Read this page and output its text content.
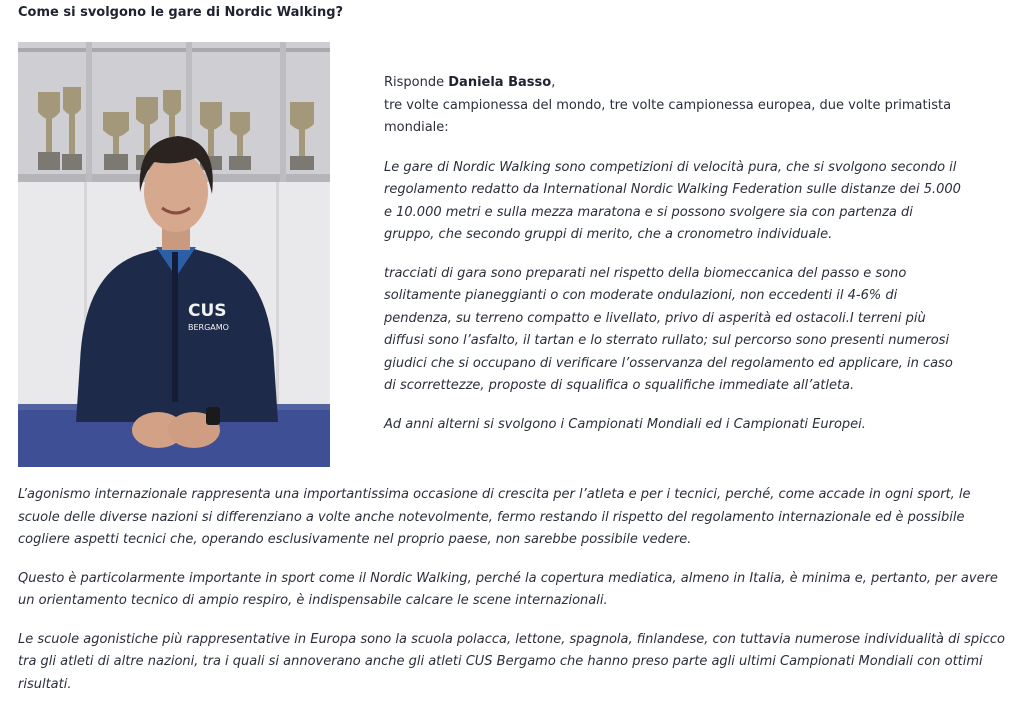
Come si svolgono le gare di Nordic Walking?
CUS
BERGAMO

Risponde Daniela Basso,
tre volte campionessa del mondo, tre volte campionessa europea, due volte primatista
mondiale:

Le gare di Nordic Walking sono competizioni di velocità pura, che si svolgono secondo il regolamento redatto da International Nordic Walking Federation sulle distanze dei 5.000 e 10.000 metri e sulla mezza maratona e si possono svolgere sia con partenza di gruppo, che secondo gruppi di merito, che a cronometro individuale.

tracciati di gara sono preparati nel rispetto della biomeccanica del passo e sono solitamente pianeggianti o con moderate ondulazioni, non eccedenti il 4-6% di pendenza, su terreno compatto e livellato, privo di asperità ed ostacoli.I terreni più diffusi sono l’asfalto, il tartan e lo sterrato rullato; sul percorso sono presenti numerosi giudici che si occupano di verificare l’osservanza del regolamento ed applicare, in caso di scorrettezze, proposte di squalifica o squalifiche immediate all’atleta.

Ad anni alterni si svolgono i Campionati Mondiali ed i Campionati Europei.

L’agonismo internazionale rappresenta una importantissima occasione di crescita per l’atleta e per i tecnici, perché, come accade in ogni sport, le scuole delle diverse nazioni si differenziano a volte anche notevolmente, fermo restando il rispetto del regolamento internazionale ed è possibile cogliere aspetti tecnici che, operando esclusivamente nel proprio paese, non sarebbe possibile vedere.

Questo è particolarmente importante in sport come il Nordic Walking, perché la copertura mediatica, almeno in Italia, è minima e, pertanto, per avere un orientamento tecnico di ampio respiro, è indispensabile calcare le scene internazionali.

Le scuole agonistiche più rappresentative in Europa sono la scuola polacca, lettone, spagnola, finlandese, con tuttavia numerose individualità di spicco tra gli atleti di altre nazioni, tra i quali si annoverano anche gli atleti CUS Bergamo che hanno preso parte agli ultimi Campionati Mondiali con ottimi risultati.
